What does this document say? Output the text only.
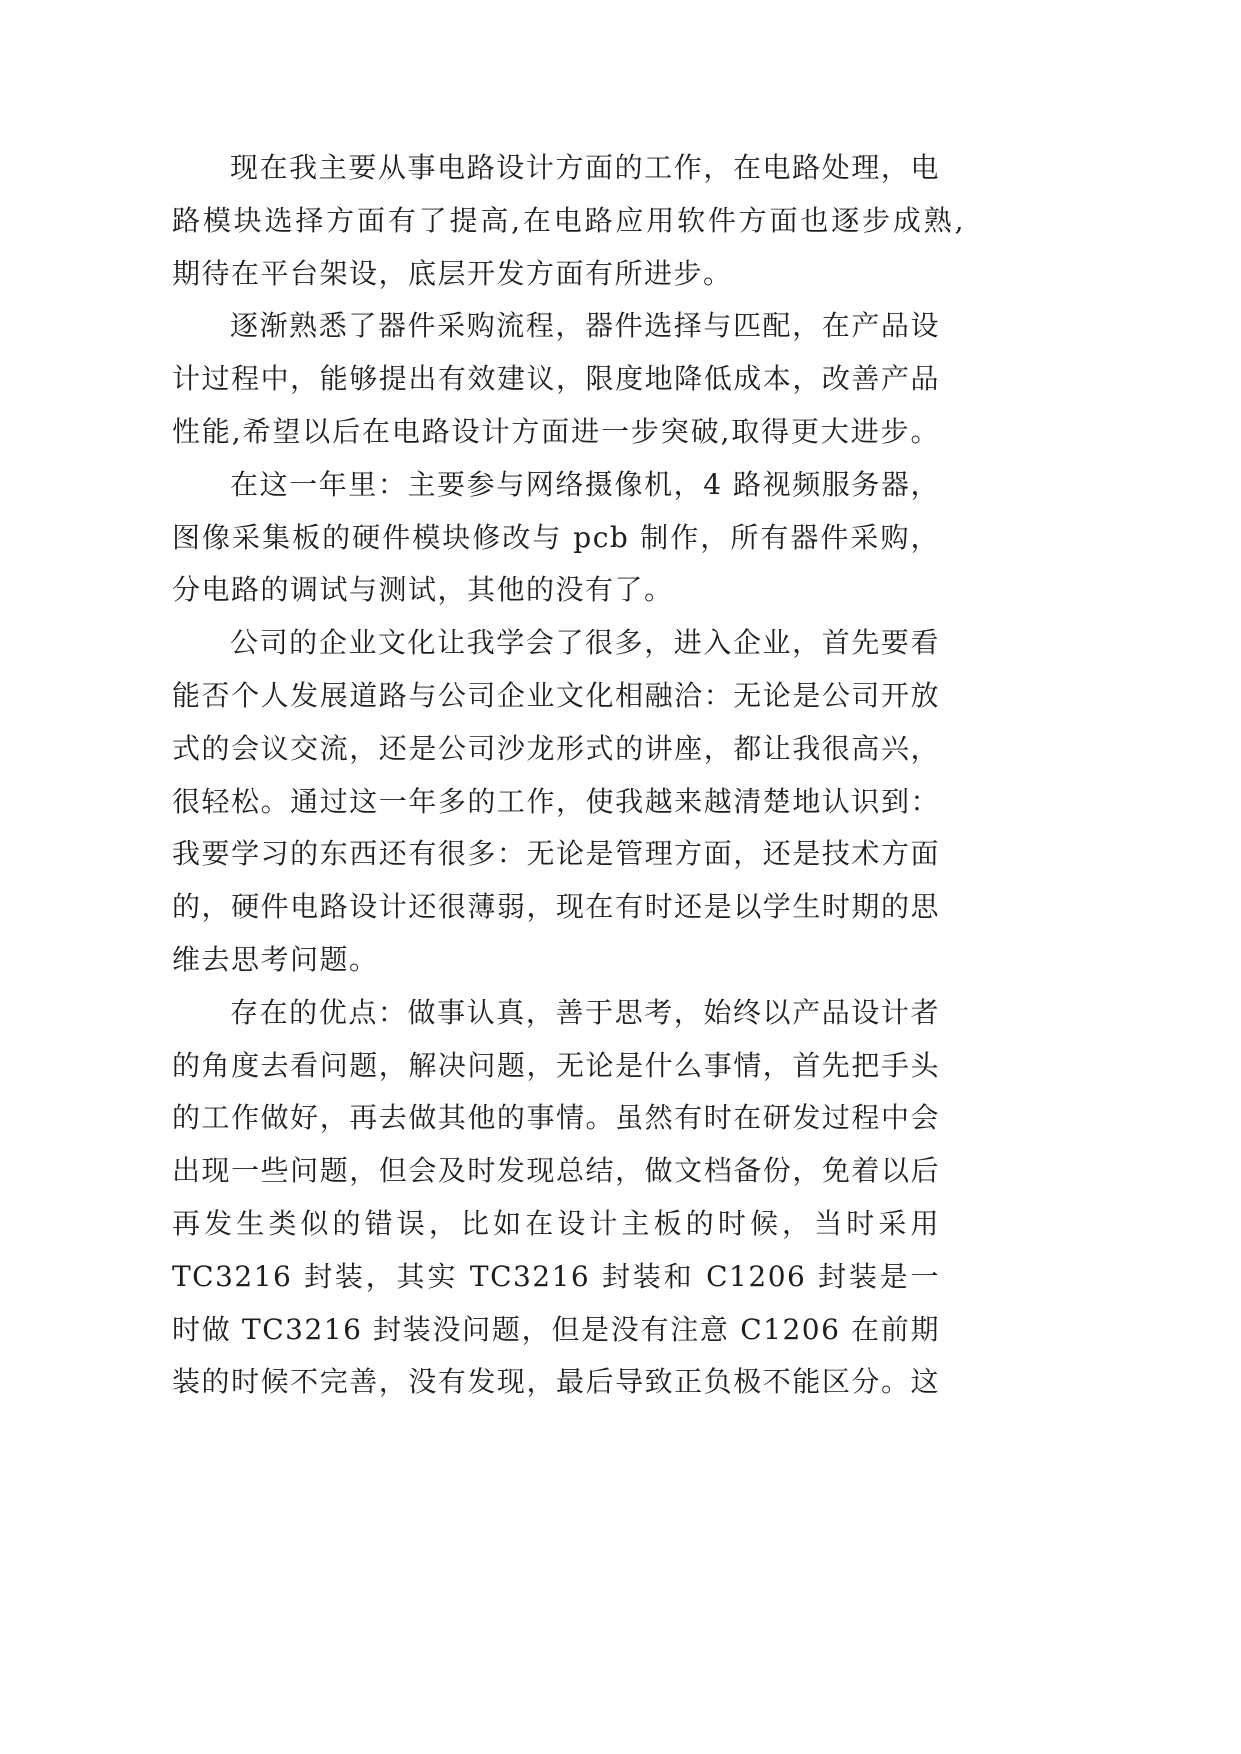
现在我主要从事电路设计方面的工作，在电路处理，电
路模块选择方面有了提高,在电路应用软件方面也逐步成熟,
期待在平台架设，底层开发方面有所进步。
逐渐熟悉了器件采购流程，器件选择与匹配，在产品设
计过程中，能够提出有效建议，限度地降低成本，改善产品
性能,希望以后在电路设计方面进一步突破,取得更大进步。
在这一年里：主要参与网络摄像机，4 路视频服务器，
图像采集板的硬件模块修改与 pcb 制作，所有器件采购，
分电路的调试与测试，其他的没有了。
公司的企业文化让我学会了很多，进入企业，首先要看
能否个人发展道路与公司企业文化相融洽：无论是公司开放
式的会议交流，还是公司沙龙形式的讲座，都让我很高兴，
很轻松。通过这一年多的工作，使我越来越清楚地认识到：
我要学习的东西还有很多：无论是管理方面，还是技术方面
的，硬件电路设计还很薄弱，现在有时还是以学生时期的思
维去思考问题。
存在的优点：做事认真，善于思考，始终以产品设计者
的角度去看问题，解决问题，无论是什么事情，首先把手头
的工作做好，再去做其他的事情。虽然有时在研发过程中会
出现一些问题，但会及时发现总结，做文档备份，免着以后
再发生类似的错误，比如在设计主板的时候，当时采用
TC3216 封装，其实 TC3216 封装和 C1206 封装是一
时做 TC3216 封装没问题，但是没有注意 C1206 在前期
装的时候不完善，没有发现，最后导致正负极不能区分。这
